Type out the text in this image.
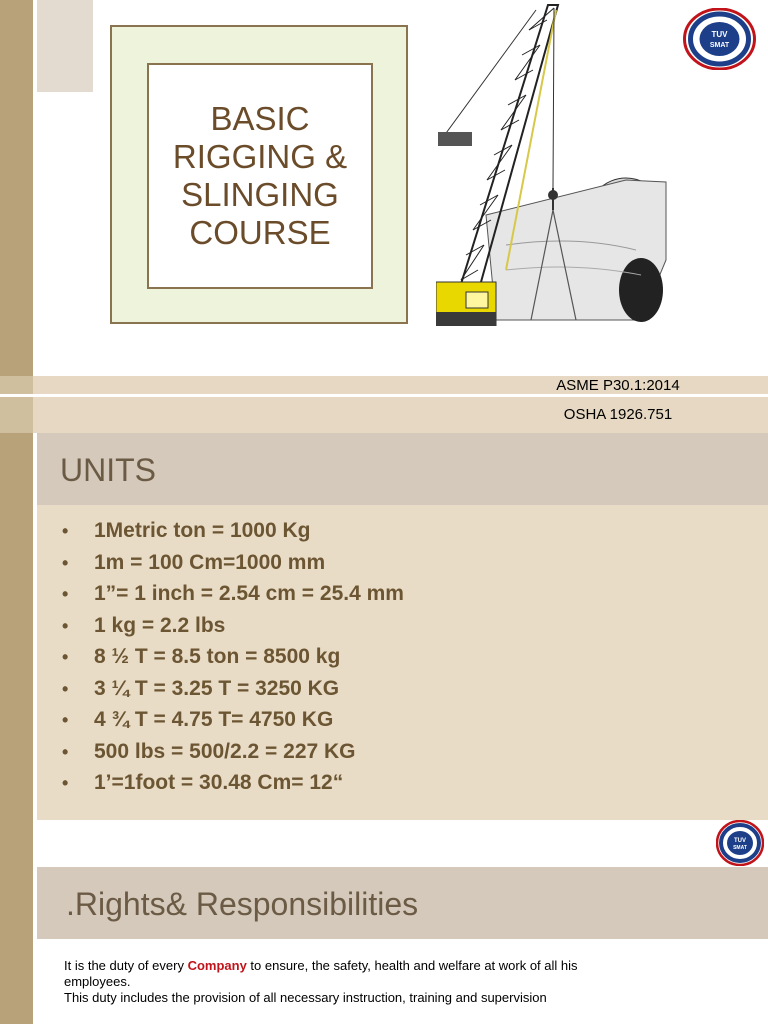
BASIC
RIGGING &
SLINGING
COURSE
TUV
SMAT
ASME P30.1:2014
OSHA 1926.751
UNITS
• 1Metric ton = 1000 Kg
• 1m = 100 Cm=1000 mm
• 1”= 1 inch = 2.54 cm = 25.4 mm
• 1 kg = 2.2 lbs
• 8 ½ T = 8.5 ton = 8500 kg
• 3 ¼ T = 3.25 T = 3250 KG
• 4 ¾ T = 4.75 T= 4750 KG
• 500 lbs = 500/2.2 = 227 KG
• 1’=1foot = 30.48 Cm= 12“
TUV
SMAT
.Rights& Responsibilities
It is the duty of every Company to ensure, the safety, health and welfare at work of all his employees.
This duty includes the provision of all necessary instruction, training and supervision
